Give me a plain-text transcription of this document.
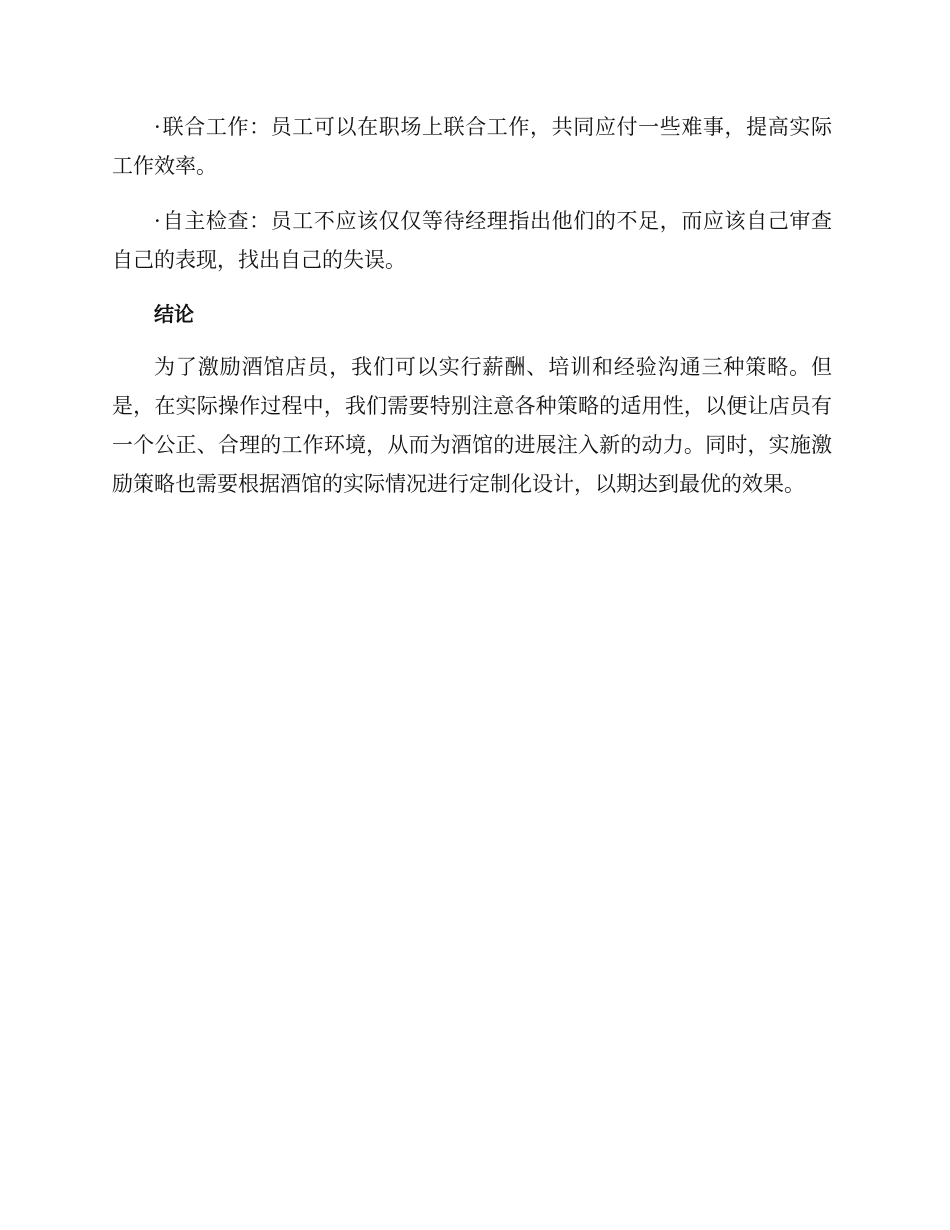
·联合工作：员工可以在职场上联合工作，共同应付一些难事，提高实际工作效率。

·自主检查：员工不应该仅仅等待经理指出他们的不足，而应该自己审查自己的表现，找出自己的失误。

结论

为了激励酒馆店员，我们可以实行薪酬、培训和经验沟通三种策略。但是，在实际操作过程中，我们需要特别注意各种策略的适用性，以便让店员有一个公正、合理的工作环境，从而为酒馆的进展注入新的动力。同时，实施激励策略也需要根据酒馆的实际情况进行定制化设计，以期达到最优的效果。
